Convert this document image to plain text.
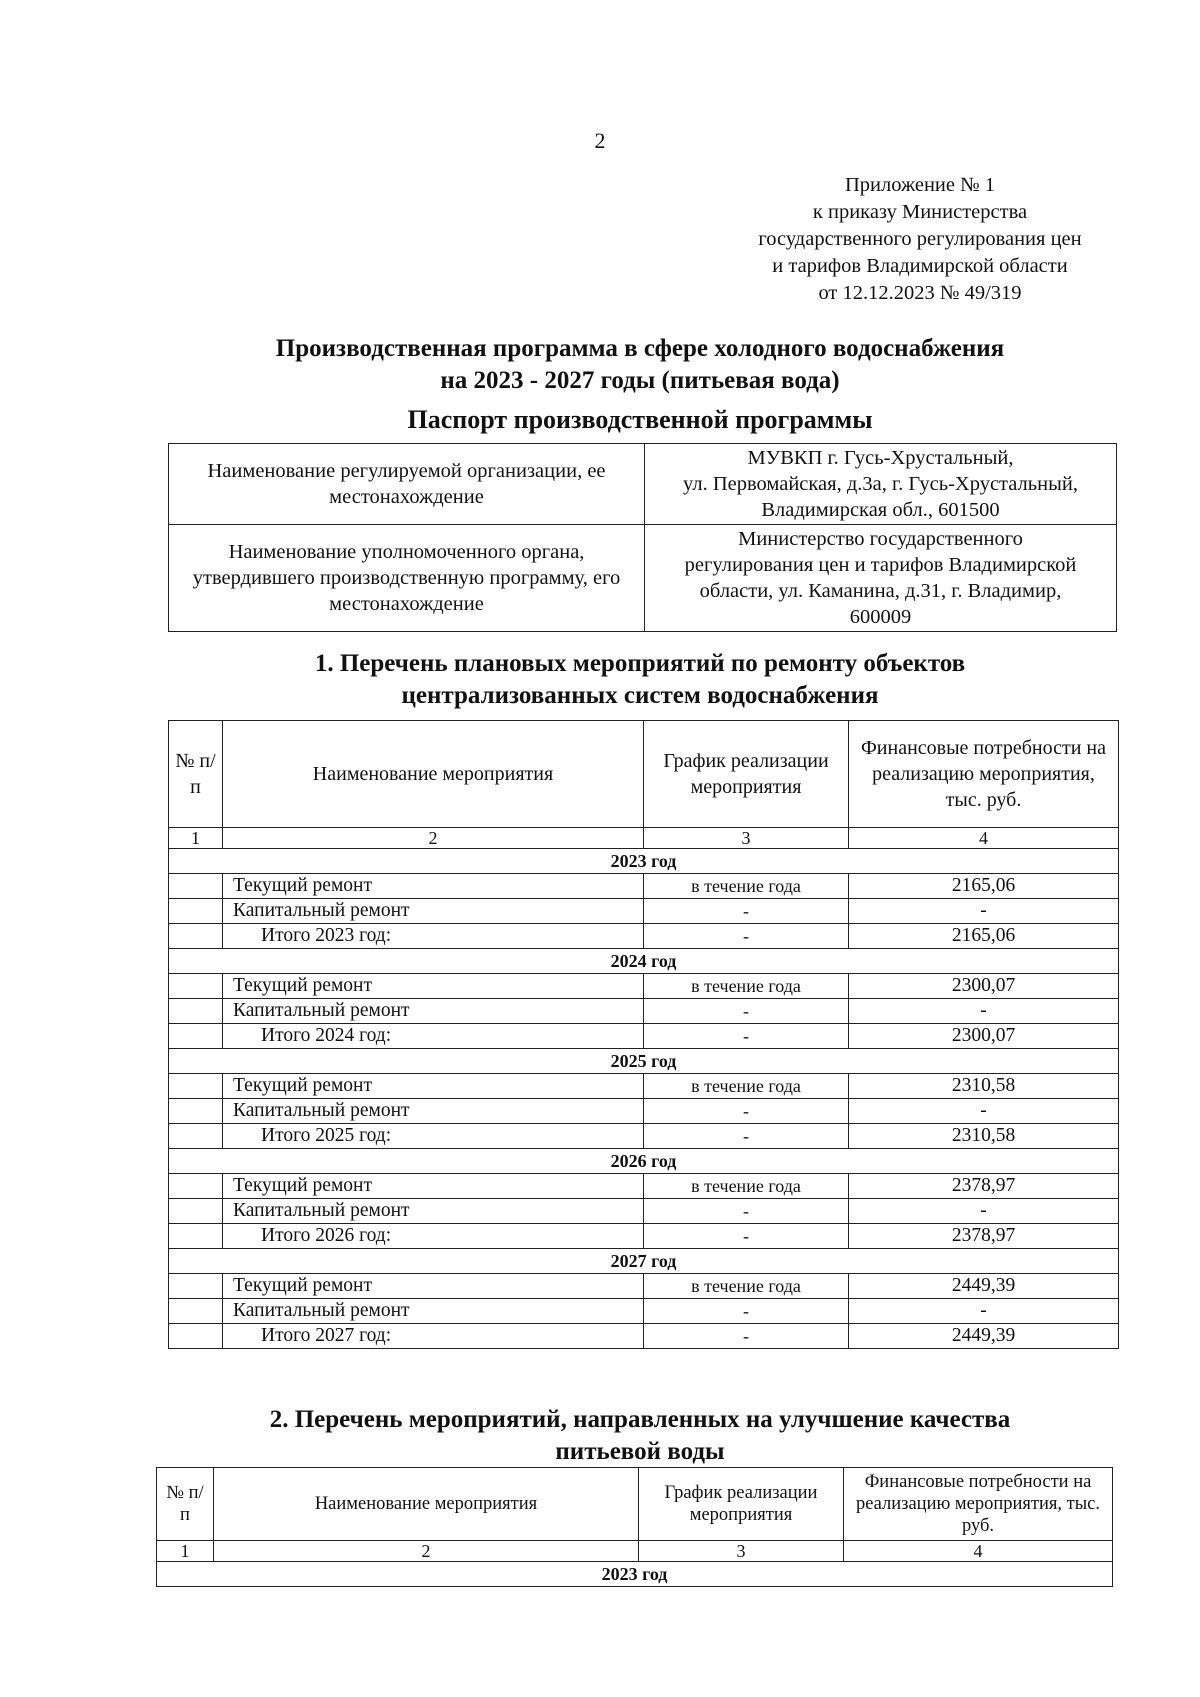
2
Приложение № 1
к приказу Министерства
государственного регулирования цен
и тарифов Владимирской области
от 12.12.2023 № 49/319
Производственная программа в сфере холодного водоснабжения
на 2023 - 2027 годы (питьевая вода)
Паспорт производственной программы
Наименование регулируемой организации, ее местонахождение	МУВКП г. Гусь-Хрустальный,
ул. Первомайская, д.3а, г. Гусь-Хрустальный,
Владимирская обл., 601500

Наименование уполномоченного органа, утвердившего производственную программу, его местонахождение	Министерство государственного
регулирования цен и тарифов Владимирской
области, ул. Каманина, д.31, г. Владимир,
600009
1. Перечень плановых мероприятий по ремонту объектов
централизованных систем водоснабжения
№ п/п	Наименование мероприятия	График реализации мероприятия	Финансовые потребности на реализацию мероприятия, тыс. руб.
1	2	3	4
2023 год			
	Текущий ремонт	в течение года	2165,06
	Капитальный ремонт	-	-
	Итого 2023 год:	-	2165,06
2024 год			
	Текущий ремонт	в течение года	2300,07
	Капитальный ремонт	-	-
	Итого 2024 год:	-	2300,07
2025 год			
	Текущий ремонт	в течение года	2310,58
	Капитальный ремонт	-	-
	Итого 2025 год:	-	2310,58
2026 год			
	Текущий ремонт	в течение года	2378,97
	Капитальный ремонт	-	-
	Итого 2026 год:	-	2378,97
2027 год			
	Текущий ремонт	в течение года	2449,39
	Капитальный ремонт	-	-
	Итого 2027 год:	-	2449,39
2. Перечень мероприятий, направленных на улучшение качества
питьевой воды
№ п/п	Наименование мероприятия	График реализации мероприятия	Финансовые потребности на реализацию мероприятия, тыс. руб.
1	2	3	4
2023 год			
